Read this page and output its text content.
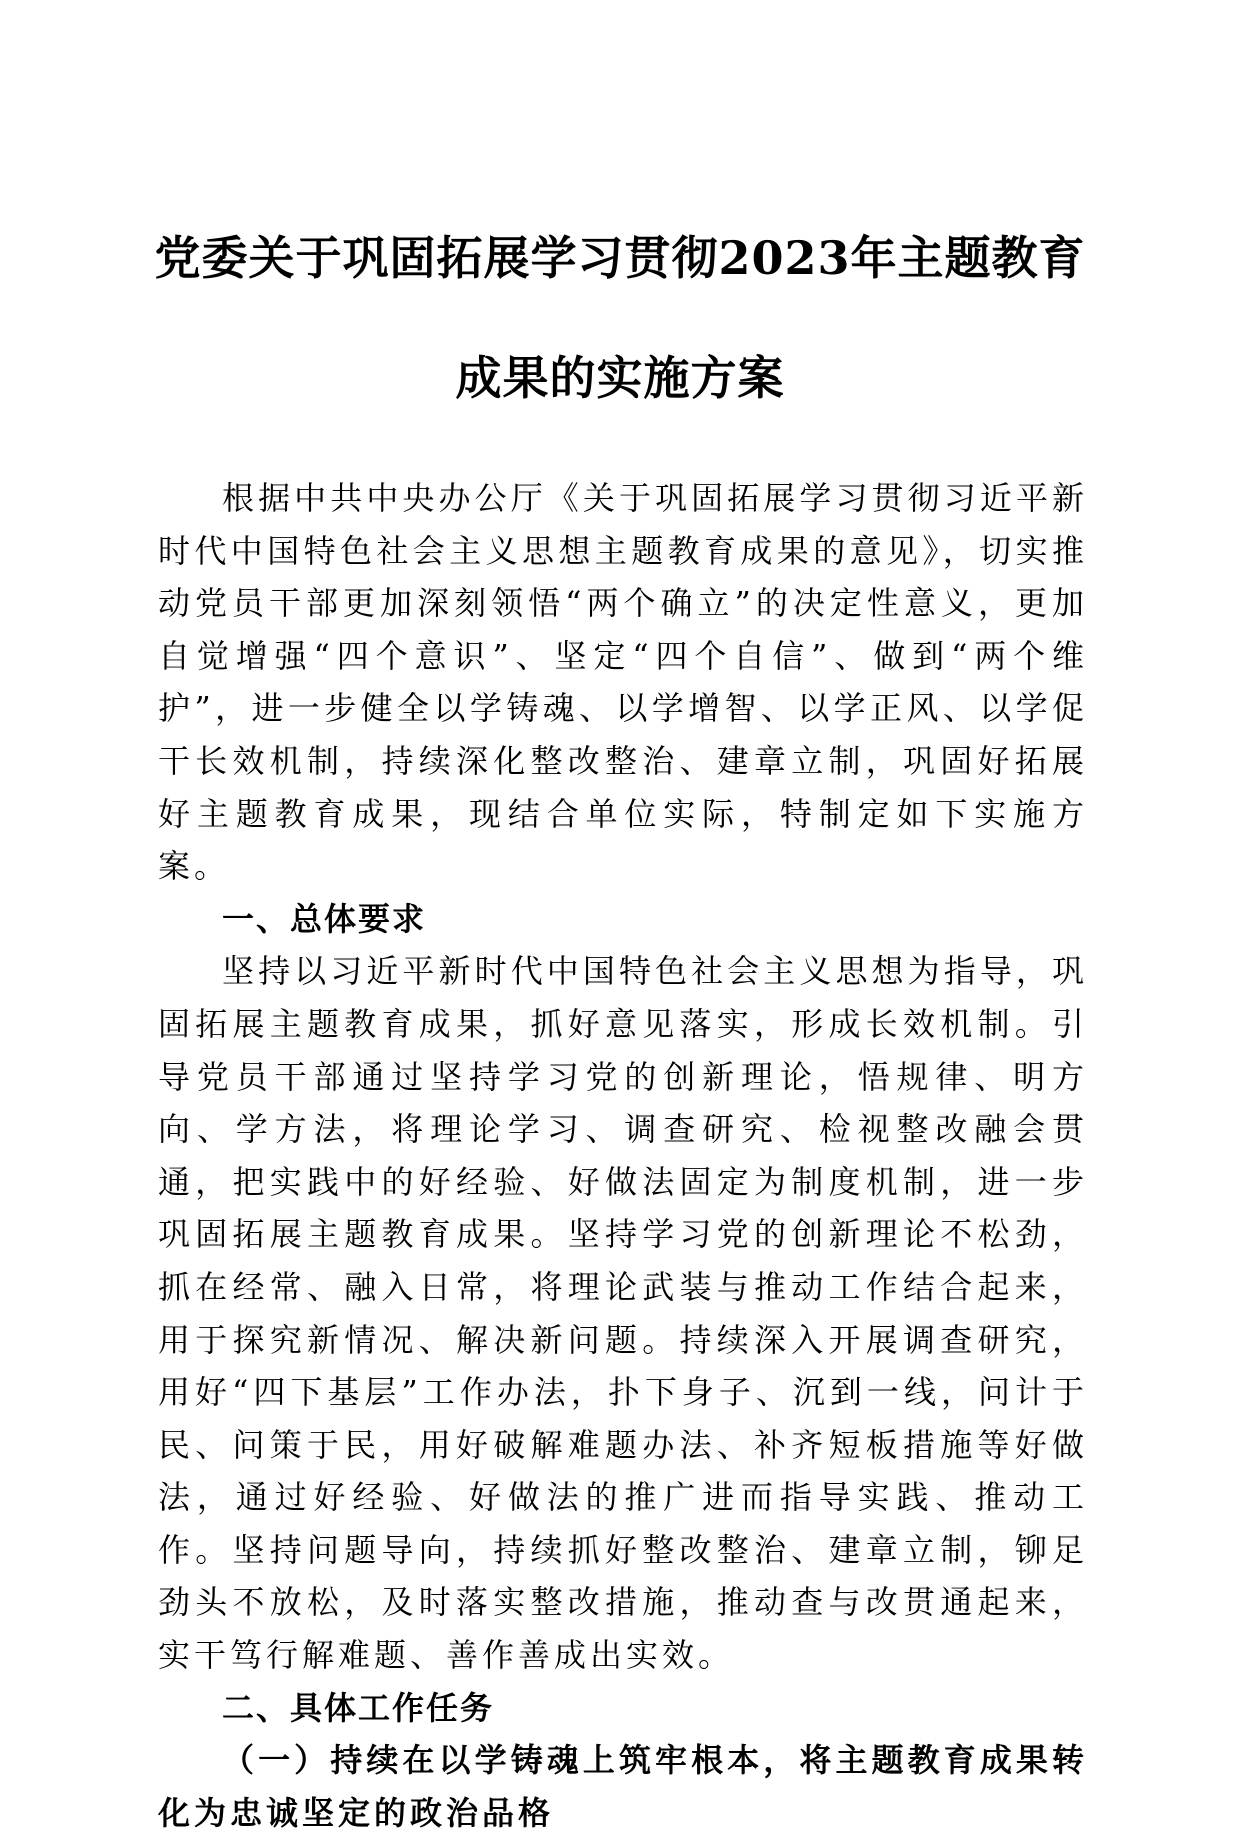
党委关于巩固拓展学习贯彻2023年主题教育
成果的实施方案

根据中共中央办公厅《关于巩固拓展学习贯彻习近平新时代中国特色社会主义思想主题教育成果的意见》，切实推动党员干部更加深刻领悟“两个确立”的决定性意义，更加自觉增强“四个意识”、坚定“四个自信”、做到“两个维护”，进一步健全以学铸魂、以学增智、以学正风、以学促干长效机制，持续深化整改整治、建章立制，巩固好拓展好主题教育成果，现结合单位实际，特制定如下实施方案。

一、总体要求

坚持以习近平新时代中国特色社会主义思想为指导，巩固拓展主题教育成果，抓好意见落实，形成长效机制。引导党员干部通过坚持学习党的创新理论，悟规律、明方向、学方法，将理论学习、调查研究、检视整改融会贯通，把实践中的好经验、好做法固定为制度机制，进一步巩固拓展主题教育成果。坚持学习党的创新理论不松劲，抓在经常、融入日常，将理论武装与推动工作结合起来，用于探究新情况、解决新问题。持续深入开展调查研究，用好“四下基层”工作办法，扑下身子、沉到一线，问计于民、问策于民，用好破解难题办法、补齐短板措施等好做法，通过好经验、好做法的推广进而指导实践、推动工作。坚持问题导向，持续抓好整改整治、建章立制，铆足劲头不放松，及时落实整改措施，推动查与改贯通起来，实干笃行解难题、善作善成出实效。

二、具体工作任务

（一）持续在以学铸魂上筑牢根本，将主题教育成果转化为忠诚坚定的政治品格
